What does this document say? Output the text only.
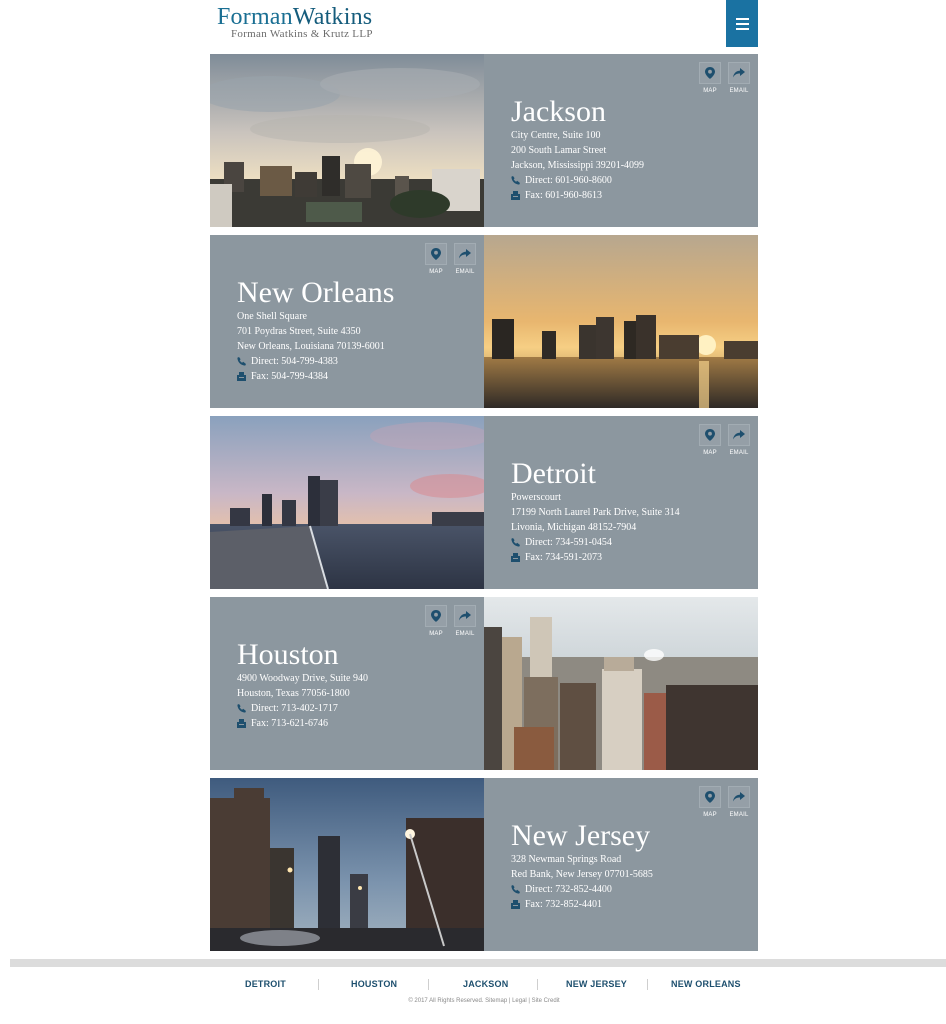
FormanWatkins
Forman Watkins & Krutz LLP
MAP EMAIL
Jackson
City Centre, Suite 100
200 South Lamar Street
Jackson, Mississippi 39201-4099
Direct: 601-960-8600
Fax: 601-960-8613
MAP EMAIL
New Orleans
One Shell Square
701 Poydras Street, Suite 4350
New Orleans, Louisiana 70139-6001
Direct: 504-799-4383
Fax: 504-799-4384
MAP EMAIL
Detroit
Powerscourt
17199 North Laurel Park Drive, Suite 314
Livonia, Michigan 48152-7904
Direct: 734-591-0454
Fax: 734-591-2073
MAP EMAIL
Houston
4900 Woodway Drive, Suite 940
Houston, Texas 77056-1800
Direct: 713-402-1717
Fax: 713-621-6746
MAP EMAIL
New Jersey
328 Newman Springs Road
Red Bank, New Jersey 07701-5685
Direct: 732-852-4400
Fax: 732-852-4401
DETROIT	HOUSTON	JACKSON	NEW JERSEY	NEW ORLEANS
© 2017 All Rights Reserved. Sitemap | Legal | Site Credit
